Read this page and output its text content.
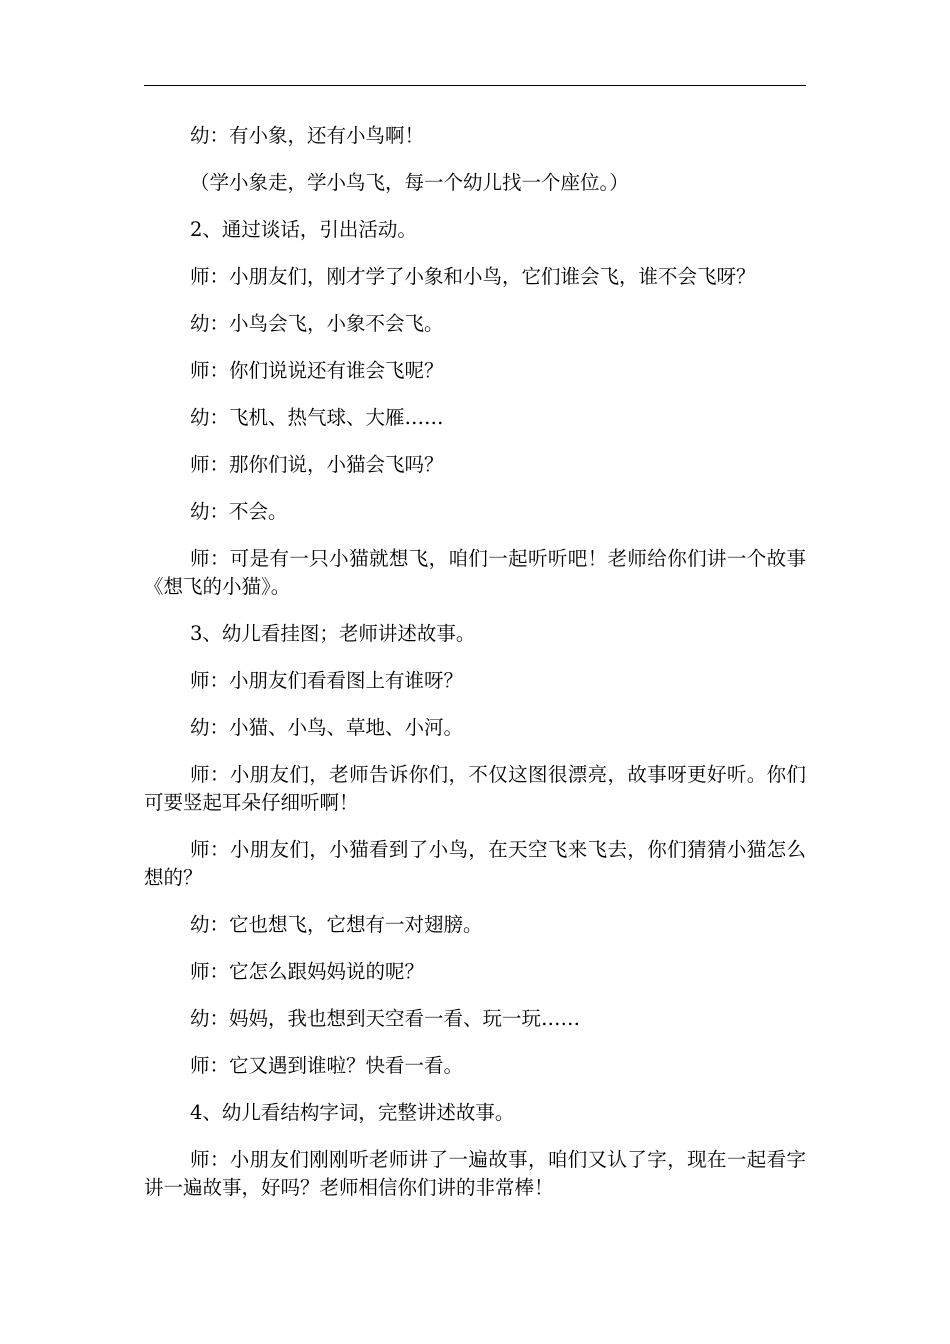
幼：有小象，还有小鸟啊！

（学小象走，学小鸟飞，每一个幼儿找一个座位。）

2、通过谈话，引出活动。

师：小朋友们，刚才学了小象和小鸟，它们谁会飞，谁不会飞呀？

幼：小鸟会飞，小象不会飞。

师：你们说说还有谁会飞呢？

幼：飞机、热气球、大雁……

师：那你们说，小猫会飞吗？

幼：不会。

师：可是有一只小猫就想飞，咱们一起听听吧！老师给你们讲一个故事《想飞的小猫》。

3、幼儿看挂图；老师讲述故事。

师：小朋友们看看图上有谁呀？

幼：小猫、小鸟、草地、小河。

师：小朋友们，老师告诉你们，不仅这图很漂亮，故事呀更好听。你们可要竖起耳朵仔细听啊！

师：小朋友们，小猫看到了小鸟，在天空飞来飞去，你们猜猜小猫怎么想的？

幼：它也想飞，它想有一对翅膀。

师：它怎么跟妈妈说的呢？

幼：妈妈，我也想到天空看一看、玩一玩……

师：它又遇到谁啦？快看一看。

4、幼儿看结构字词，完整讲述故事。

师：小朋友们刚刚听老师讲了一遍故事，咱们又认了字，现在一起看字讲一遍故事，好吗？老师相信你们讲的非常棒！
